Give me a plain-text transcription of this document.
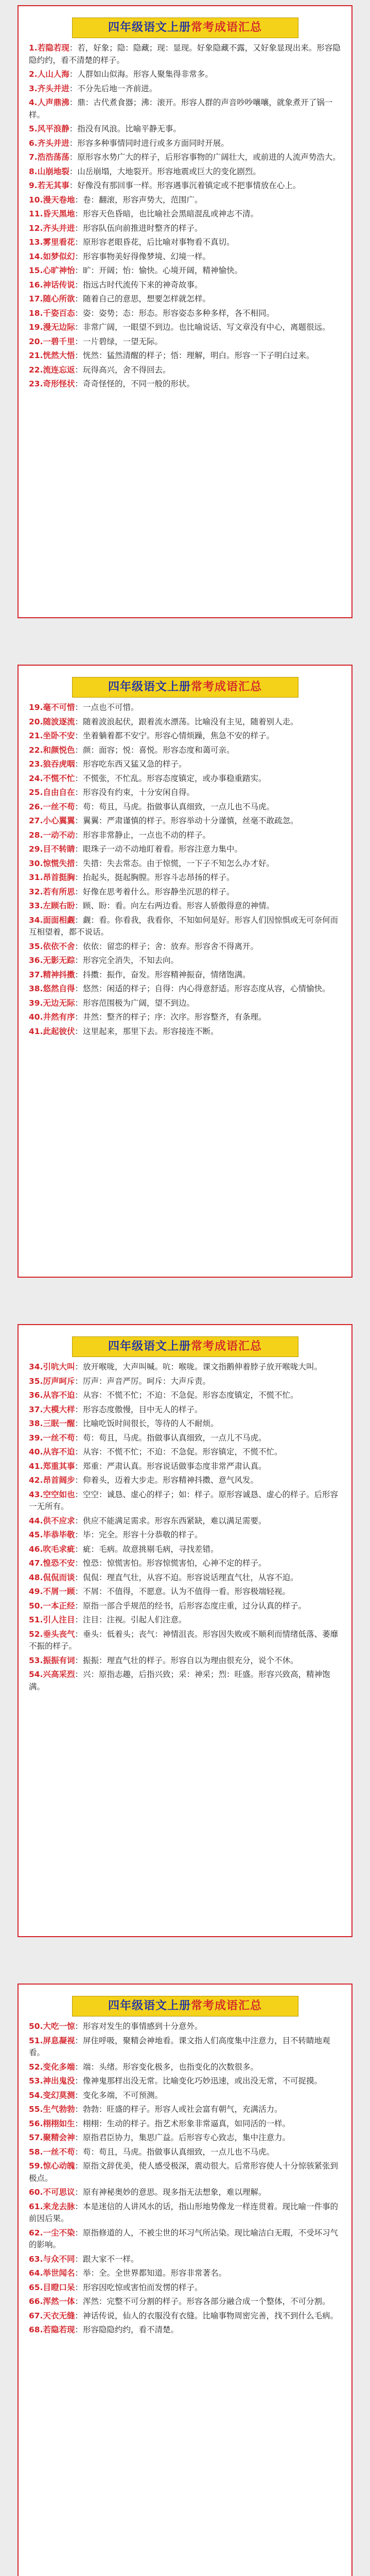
四年级语文上册常考成语汇总
1.若隐若现：若，好象；隐：隐藏；现：显现。好象隐藏不露，又好象显现出来。形容隐隐约约，看不清楚的样子。
2.人山人海：人群如山似海。形容人聚集得非常多。
3.齐头并进：不分先后地一齐前进。
4.人声鼎沸：鼎：古代煮食器；沸：滚开。形容人群的声音吵吵嚷嚷，就象煮开了锅一样。
5.风平浪静：指没有风浪。比喻平静无事。
6.齐头并进：形容多种事情同时进行或多方面同时开展。
7.浩浩荡荡：原形容水势广大的样子，后形容事物的广阔壮大，或前进的人流声势浩大。
8.山崩地裂：山岳崩塌，大地裂开。形容地震或巨大的变化剧烈。
9.若无其事：好像没有那回事一样。形容遇事沉着镇定或不把事情放在心上。
10.漫天卷地：卷：翻滚，形容声势大，范围广。
11.昏天黑地：形容天色昏暗，也比喻社会黑暗混乱或神志不清。
12.齐头并进：形容队伍向前推进时整齐的样子。
13.雾里看花：原形容老眼昏花，后比喻对事物看不真切。
14.如梦似幻：形容事物美好得像梦境、幻境一样。
15.心旷神怡：旷：开阔；怡：愉快。心境开阔，精神愉快。
16.神话传说：指远古时代流传下来的神奇故事。
17.随心所欲：随着自己的意思，想要怎样就怎样。
18.千姿百态：姿：姿势；态：形态。形容姿态多种多样，各不相同。
19.漫无边际：非常广阔，一眼望不到边。也比喻说话、写文章没有中心，离题很远。
20.一碧千里：一片碧绿，一望无际。
21.恍然大悟：恍然：猛然清醒的样子；悟：理解，明白。形容一下子明白过来。
22.流连忘返：玩得高兴，舍不得回去。
23.奇形怪状：奇奇怪怪的，不同一般的形状。
四年级语文上册常考成语汇总
19.毫不可惜：一点也不可惜。
20.随波逐流：随着波浪起伏，跟着流水漂荡。比喻没有主见，随着别人走。
21.坐卧不安：坐着躺着都不安宁。形容心情烦躁，焦急不安的样子。
22.和颜悦色：颜：面容；悦：喜悦。形容态度和蔼可亲。
23.狼吞虎咽：形容吃东西又猛又急的样子。
24.不慌不忙：不慌张，不忙乱。形容态度镇定，或办事稳重踏实。
25.自由自在：形容没有约束，十分安闲自得。
26.一丝不苟：苟：苟且，马虎。指做事认真细致，一点儿也不马虎。
27.小心翼翼：翼翼：严肃谨慎的样子。形容举动十分谨慎，丝毫不敢疏忽。
28.一动不动：形容非常静止，一点也不动的样子。
29.目不转睛：眼珠子一动不动地盯着看。形容注意力集中。
30.惊慌失措：失措：失去常态。由于惊慌，一下子不知怎么办才好。
31.昂首挺胸：抬起头，挺起胸膛。形容斗志昂扬的样子。
32.若有所思：好像在思考着什么。形容静坐沉思的样子。
33.左顾右盼：顾、盼：看。向左右两边看。形容人骄傲得意的神情。
34.面面相觑：觑：看。你看我，我看你，不知如何是好。形容人们因惊惧或无可奈何而互相望着，都不说话。
35.依依不舍：依依：留恋的样子；舍：放弃。形容舍不得离开。
36.无影无踪：形容完全消失，不知去向。
37.精神抖擞：抖擞：振作，奋发。形容精神振奋，情绪饱满。
38.悠然自得：悠然：闲适的样子；自得：内心得意舒适。形容态度从容，心情愉快。
39.无边无际：形容范围极为广阔，望不到边。
40.井然有序：井然：整齐的样子；序：次序。形容整齐，有条理。
41.此起彼伏：这里起来，那里下去。形容接连不断。
四年级语文上册常考成语汇总
34.引吭大叫：放开喉咙，大声叫喊。吭：喉咙。课文指鹅伸着脖子放开喉咙大叫。
35.厉声呵斥：厉声：声音严厉。呵斥：大声斥责。
36.从容不迫：从容：不慌不忙；不迫：不急促。形容态度镇定，不慌不忙。
37.大模大样：形容态度傲慢，目中无人的样子。
38.三眠一醒：比喻吃饭时间很长，等待的人不耐烦。
39.一丝不苟：苟：苟且，马虎。指做事认真细致，一点儿不马虎。
40.从容不迫：从容：不慌不忙；不迫：不急促。形容镇定，不慌不忙。
41.郑重其事：郑重：严肃认真。形容说话做事态度非常严肃认真。
42.昂首阔步：仰着头，迈着大步走。形容精神抖擞、意气风发。
43.空空如也：空空：诚恳、虚心的样子；如：样子。原形容诚恳、虚心的样子。后形容一无所有。
44.供不应求：供应不能满足需求。形容东西紧缺，难以满足需要。
45.毕恭毕敬：毕：完全。形容十分恭敬的样子。
46.吹毛求疵：疵：毛病。故意挑剔毛病，寻找差错。
47.惶恐不安：惶恐：惊慌害怕。形容惊慌害怕，心神不定的样子。
48.侃侃而谈：侃侃：理直气壮，从容不迫。形容说话理直气壮，从容不迫。
49.不屑一顾：不屑：不值得，不愿意。认为不值得一看。形容极端轻视。
50.一本正经：原指一部合乎规范的经书，后形容态度庄重，过分认真的样子。
51.引人注目：注目：注视。引起人们注意。
52.垂头丧气：垂头：低着头；丧气：神情沮丧。形容因失败或不顺利而情绪低落、萎靡不振的样子。
53.振振有词：振振：理直气壮的样子。形容自以为理由很充分，说个不休。
54.兴高采烈：兴：原指志趣，后指兴致；采：神采；烈：旺盛。形容兴致高，精神饱满。
四年级语文上册常考成语汇总
50.大吃一惊：形容对发生的事情感到十分意外。
51.屏息凝视：屏住呼吸，聚精会神地看。课文指人们高度集中注意力，目不转睛地观看。
52.变化多端：端：头绪。形容变化极多，也指变化的次数很多。
53.神出鬼没：像神鬼那样出没无常。比喻变化巧妙迅速，或出没无常，不可捉摸。
54.变幻莫测：变化多端，不可预测。
55.生气勃勃：勃勃：旺盛的样子。形容人或社会富有朝气，充满活力。
56.栩栩如生：栩栩：生动的样子。指艺术形象非常逼真，如同活的一样。
57.聚精会神：原指君臣协力，集思广益。后形容专心致志，集中注意力。
58.一丝不苟：苟：苟且，马虎。指做事认真细致，一点儿也不马虎。
59.惊心动魄：原指文辞优美，使人感受极深，震动很大。后常形容使人十分惊骇紧张到极点。
60.不可思议：原有神秘奥妙的意思。现多指无法想象，难以理解。
61.来龙去脉：本是迷信的人讲风水的话，指山形地势像龙一样连贯着。现比喻一件事的前因后果。
62.一尘不染：原指修道的人，不被尘世的坏习气所沾染。现比喻洁白无瑕，不受坏习气的影响。
63.与众不同：跟大家不一样。
64.举世闻名：举：全。全世界都知道。形容非常著名。
65.目瞪口呆：形容因吃惊或害怕而发愣的样子。
66.浑然一体：浑然：完整不可分割的样子。形容各部分融合成一个整体，不可分割。
67.天衣无缝：神话传说，仙人的衣服没有衣缝。比喻事物周密完善，找不到什么毛病。
68.若隐若现：形容隐隐约约，看不清楚。
